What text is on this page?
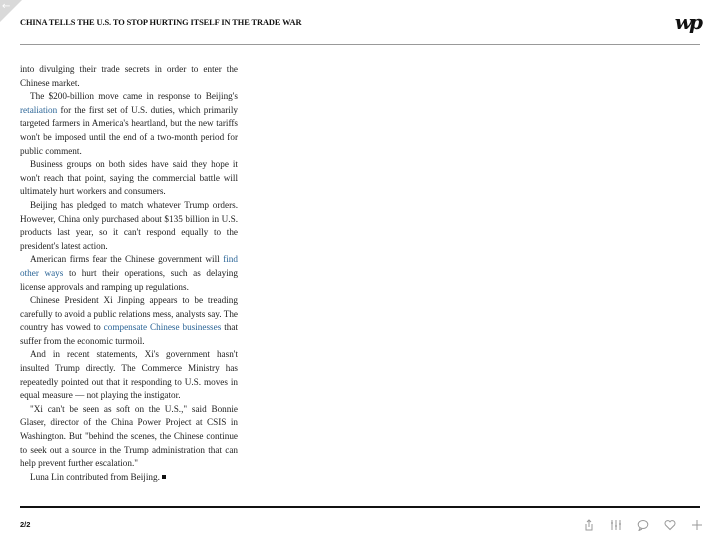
←
CHINA TELLS THE U.S. TO STOP HURTING ITSELF IN THE TRADE WAR	wp

into divulging their trade secrets in order to enter the Chinese market.

The $200-billion move came in response to Beijing's retaliation for the first set of U.S. duties, which primarily targeted farmers in America's heartland, but the new tariffs won't be imposed until the end of a two-month period for public comment.

Business groups on both sides have said they hope it won't reach that point, saying the commercial battle will ultimately hurt workers and consumers.

Beijing has pledged to match whatever Trump orders. However, China only purchased about $135 billion in U.S. products last year, so it can't respond equally to the president's latest action.

American firms fear the Chinese government will find other ways to hurt their operations, such as delaying license approvals and ramping up regulations.

Chinese President Xi Jinping appears to be treading carefully to avoid a public relations mess, analysts say. The country has vowed to compensate Chinese businesses that suffer from the economic turmoil.

And in recent statements, Xi's government hasn't insulted Trump directly. The Commerce Ministry has repeatedly pointed out that it responding to U.S. moves in equal measure — not playing the instigator.

"Xi can't be seen as soft on the U.S.," said Bonnie Glaser, director of the China Power Project at CSIS in Washington. But "behind the scenes, the Chinese continue to seek out a source in the Trump administration that can help prevent further escalation."

Luna Lin contributed from Beijing.

2/2
